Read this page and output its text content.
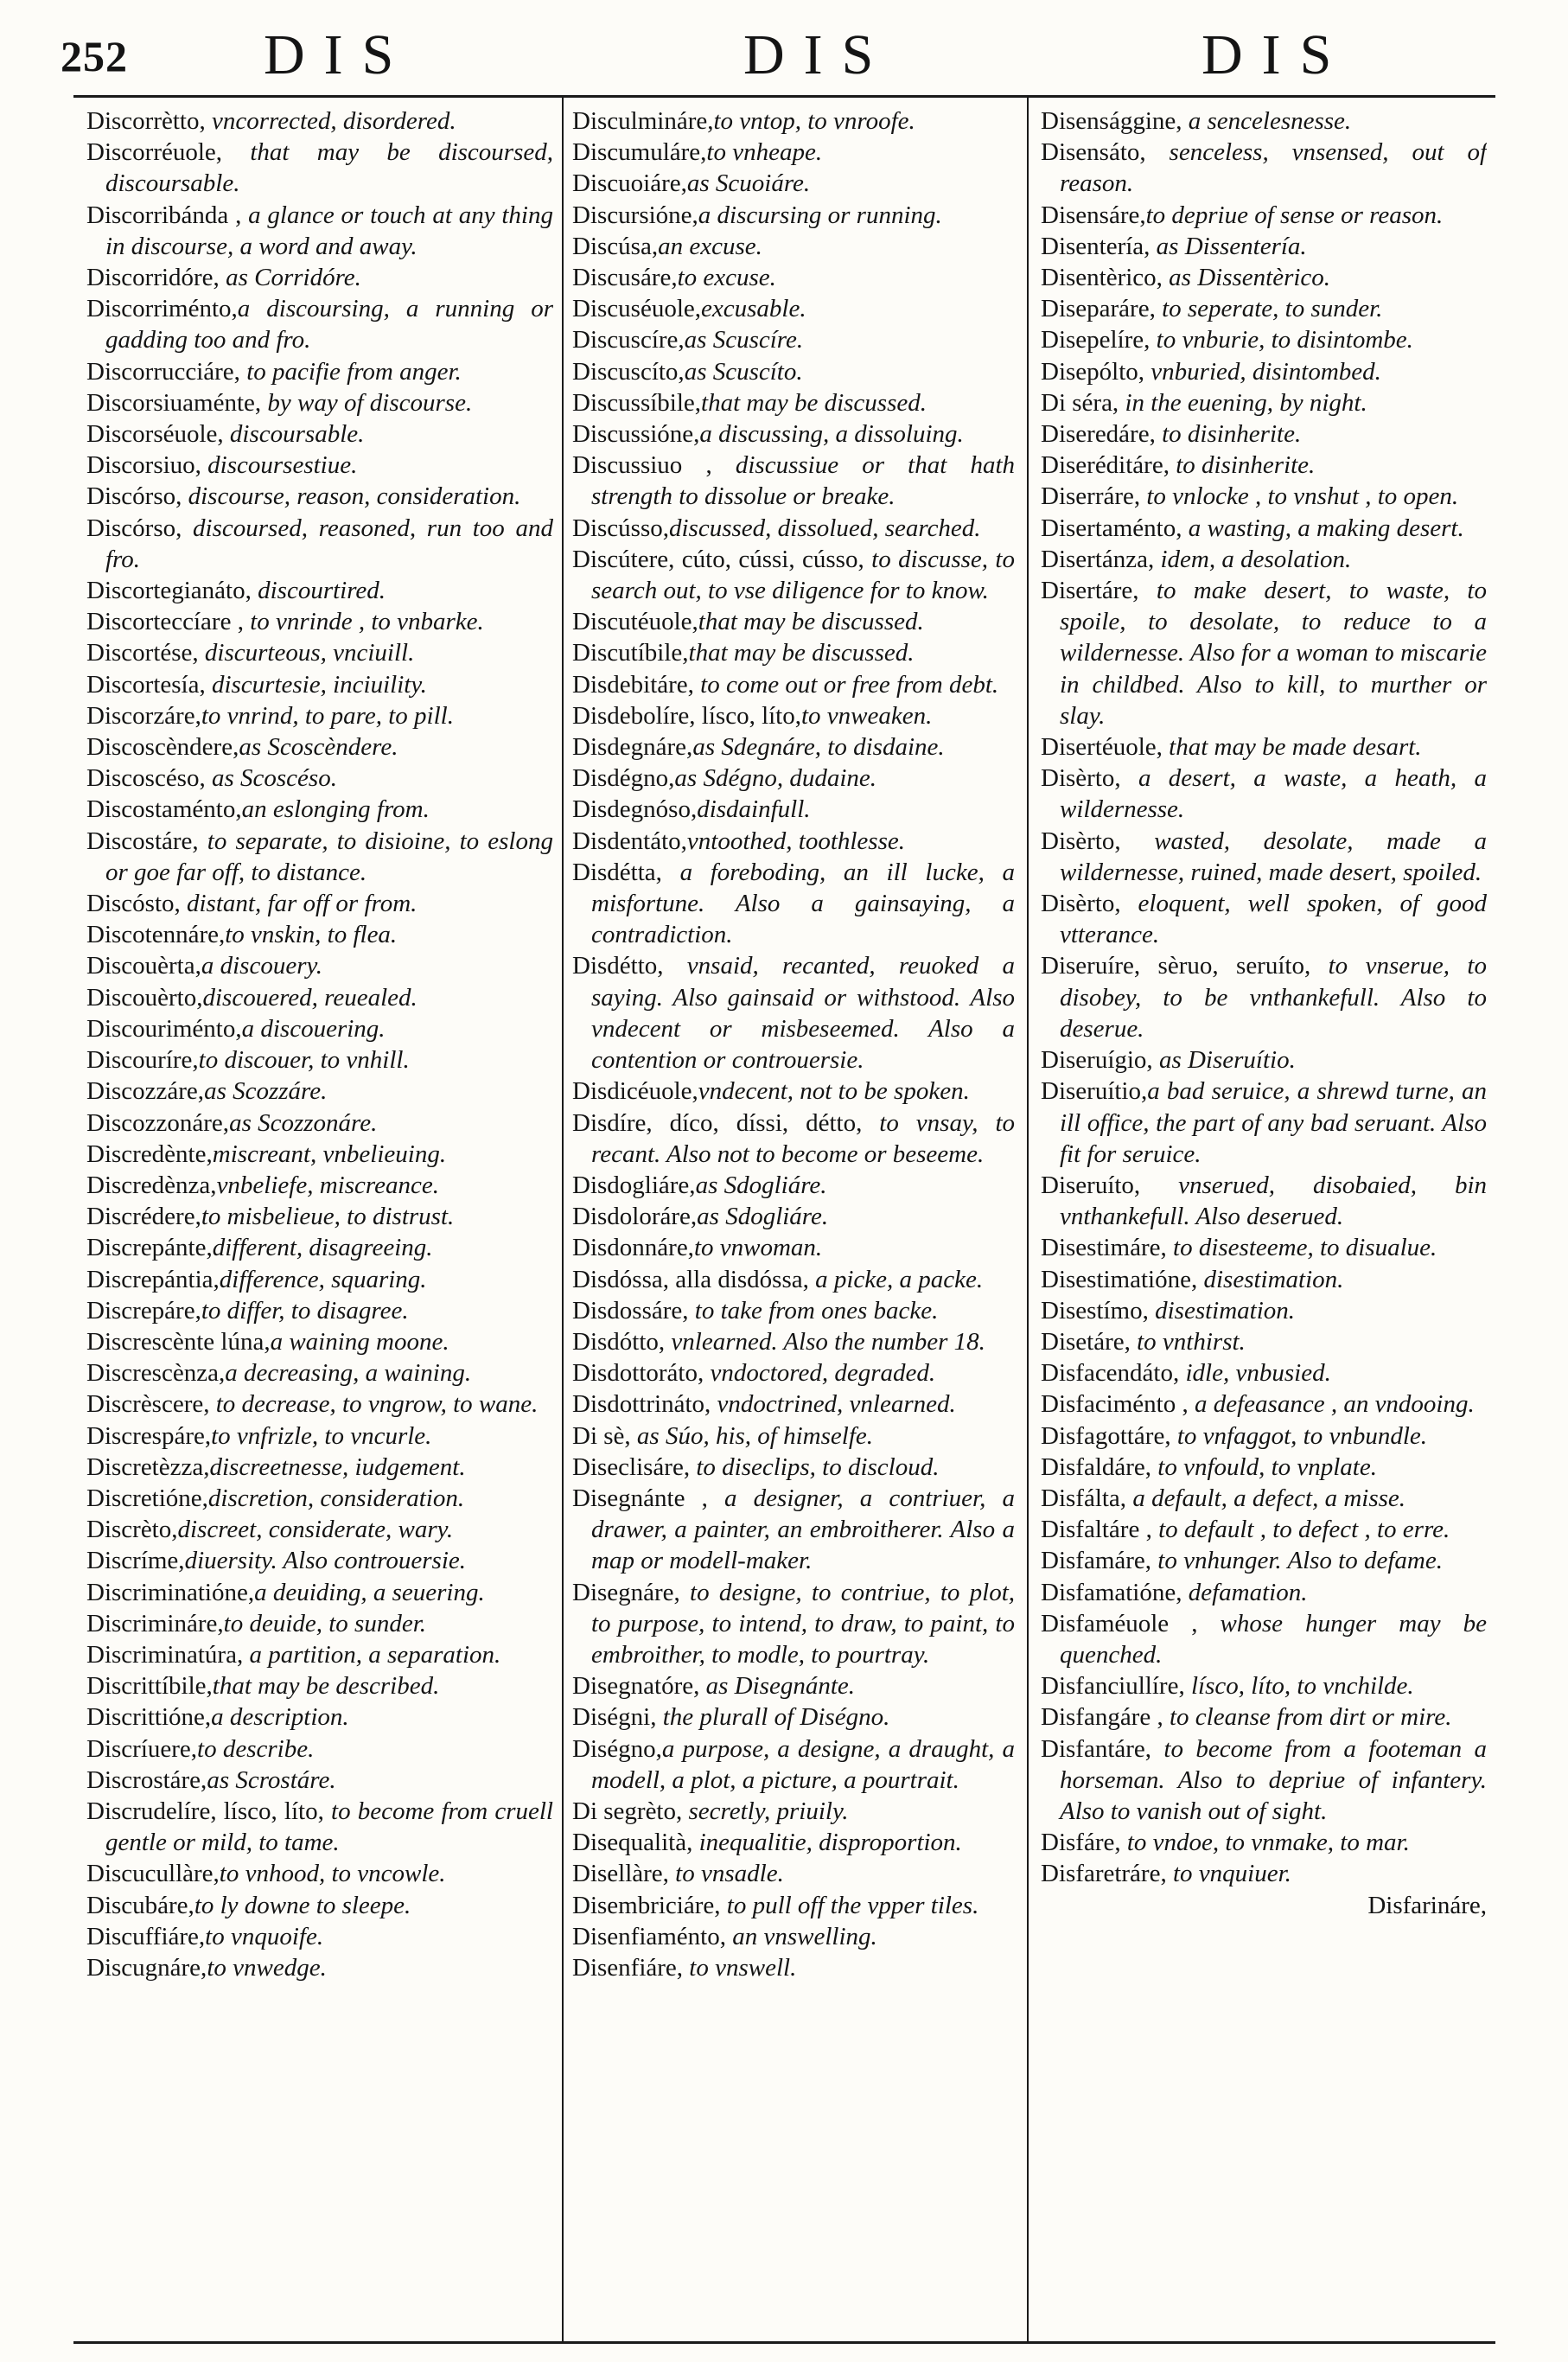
252 DIS	DIS	DIS

Discorrètto, vncorrected, disordered.

Discorréuole, that may be discoursed, discoursable.

Discorribánda , a glance or touch at any thing in discourse, a word and away.

Discorridóre, as Corridóre.

Discorriménto,a discoursing, a running or gadding too and fro.

Discorrucciáre, to pacifie from anger.

Discorsiuaménte, by way of discourse.

Discorséuole, discoursable.

Discorsiuo, discoursestiue.

Discórso, discourse, reason, consideration.

Discórso, discoursed, reasoned, run too and fro.

Discortegianáto, discourtired.

Discorteccíare , to vnrinde , to vnbarke.

Discortése, discurteous, vnciuill.

Discortesía, discurtesie, inciuility.

Discorzáre,to vnrind, to pare, to pill.

Discoscèndere,as Scoscèndere.

Discoscéso, as Scoscéso.

Discostaménto,an eslonging from.

Discostáre, to separate, to disioine, to eslong or goe far off, to distance.

Discósto, distant, far off or from.

Discotennáre,to vnskin, to flea.

Discouèrta,a discouery.

Discouèrto,discouered, reuealed.

Discouriménto,a discouering.

Discouríre,to discouer, to vnhill.

Discozzáre,as Scozzáre.

Discozzonáre,as Scozzonáre.

Discredènte,miscreant, vnbelieuing.

Discredènza,vnbeliefe, miscreance.

Discrédere,to misbelieue, to distrust.

Discrepánte,different, disagreeing.

Discrepántia,difference, squaring.

Discrepáre,to differ, to disagree.

Discrescènte lúna,a waining moone.

Discrescènza,a decreasing, a waining.

Discrèscere, to decrease, to vngrow, to wane.

Discrespáre,to vnfrizle, to vncurle.

Discretèzza,discreetnesse, iudgement.

Discretióne,discretion, consideration.

Discrèto,discreet, considerate, wary.

Discríme,diuersity. Also controuersie.

Discriminatióne,a deuiding, a seuering.

Discrimináre,to deuide, to sunder.

Discriminatúra, a partition, a separation.

Discrittíbile,that may be described.

Discrittióne,a description.

Discríuere,to describe.

Discrostáre,as Scrostáre.

Discrudelíre, lísco, líto, to become from cruell gentle or mild, to tame.

Discucullàre,to vnhood, to vncowle.

Discubáre,to ly downe to sleepe.

Discuffiáre,to vnquoife.

Discugnáre,to vnwedge.

Disculmináre,to vntop, to vnroofe.

Discumuláre,to vnheape.

Discuoiáre,as Scuoiáre.

Discursióne,a discursing or running.

Discúsa,an excuse.

Discusáre,to excuse.

Discuséuole,excusable.

Discuscíre,as Scuscíre.

Discuscíto,as Scuscíto.

Discussíbile,that may be discussed.

Discussióne,a discussing, a dissoluing.

Discussiuo , discussiue or that hath strength to dissolue or breake.

Discússo,discussed, dissolued, searched.

Discútere, cúto, cússi, cússo, to discusse, to search out, to vse diligence for to know.

Discutéuole,that may be discussed.

Discutíbile,that may be discussed.

Disdebitáre, to come out or free from debt.

Disdebolíre, lísco, líto,to vnweaken.

Disdegnáre,as Sdegnáre, to disdaine.

Disdégno,as Sdégno, dudaine.

Disdegnóso,disdainfull.

Disdentáto,vntoothed, toothlesse.

Disdétta, a foreboding, an ill lucke, a misfortune. Also a gainsaying, a contradiction.

Disdétto, vnsaid, recanted, reuoked a saying. Also gainsaid or withstood. Also vndecent or misbeseemed. Also a contention or controuersie.

Disdicéuole,vndecent, not to be spoken.

Disdíre, díco, díssi, détto, to vnsay, to recant. Also not to become or beseeme.

Disdogliáre,as Sdogliáre.

Disdoloráre,as Sdogliáre.

Disdonnáre,to vnwoman.

Disdóssa, alla disdóssa, a picke, a packe.

Disdossáre, to take from ones backe.

Disdótto, vnlearned. Also the number 18.

Disdottoráto, vndoctored, degraded.

Disdottrináto, vndoctrined, vnlearned.

Di sè, as Súo, his, of himselfe.

Diseclisáre, to diseclips, to discloud.

Disegnánte , a designer, a contriuer, a drawer, a painter, an embroitherer. Also a map or modell-maker.

Disegnáre, to designe, to contriue, to plot, to purpose, to intend, to draw, to paint, to embroither, to modle, to pourtray.

Disegnatóre, as Disegnánte.

Diségni, the plurall of Diségno.

Diségno,a purpose, a designe, a draught, a modell, a plot, a picture, a pourtrait.

Di segrèto, secretly, priuily.

Disequalità, inequalitie, disproportion.

Disellàre, to vnsadle.

Disembriciáre, to pull off the vpper tiles.

Disenfiaménto, an vnswelling.

Disenfiáre, to vnswell.

Disensággine, a sencelesnesse.

Disensáto, senceless, vnsensed, out of reason.

Disensáre,to depriue of sense or reason.

Disentería, as Dissentería.

Disentèrico, as Dissentèrico.

Diseparáre, to seperate, to sunder.

Disepelíre, to vnburie, to disintombe.

Disepólto, vnburied, disintombed.

Di séra, in the euening, by night.

Diseredáre, to disinherite.

Diseréditáre, to disinherite.

Diserráre, to vnlocke , to vnshut , to open.

Disertaménto, a wasting, a making desert.

Disertánza, idem, a desolation.

Disertáre, to make desert, to waste, to spoile, to desolate, to reduce to a wildernesse. Also for a woman to miscarie in childbed. Also to kill, to murther or slay.

Disertéuole, that may be made desart.

Disèrto, a desert, a waste, a heath, a wildernesse.

Disèrto, wasted, desolate, made a wildernesse, ruined, made desert, spoiled.

Disèrto, eloquent, well spoken, of good vtterance.

Diseruíre, sèruo, seruíto, to vnserue, to disobey, to be vnthankefull. Also to deserue.

Diseruígio, as Diseruítio.

Diseruítio,a bad seruice, a shrewd turne, an ill office, the part of any bad seruant. Also fit for seruice.

Diseruíto, vnserued, disobaied, bin vnthankefull. Also deserued.

Disestimáre, to disesteeme, to disualue.

Disestimatióne, disestimation.

Disestímo, disestimation.

Disetáre, to vnthirst.

Disfacendáto, idle, vnbusied.

Disfaciménto , a defeasance , an vndooing.

Disfagottáre, to vnfaggot, to vnbundle.

Disfaldáre, to vnfould, to vnplate.

Disfálta, a default, a defect, a misse.

Disfaltáre , to default , to defect , to erre.

Disfamáre, to vnhunger. Also to defame.

Disfamatióne, defamation.

Disfaméuole , whose hunger may be quenched.

Disfanciullíre, lísco, líto, to vnchilde.

Disfangáre , to cleanse from dirt or mire.

Disfantáre, to become from a footeman a horseman. Also to depriue of infantery. Also to vanish out of sight.

Disfáre, to vndoe, to vnmake, to mar.

Disfaretráre, to vnquiuer.

Disfarináre,
